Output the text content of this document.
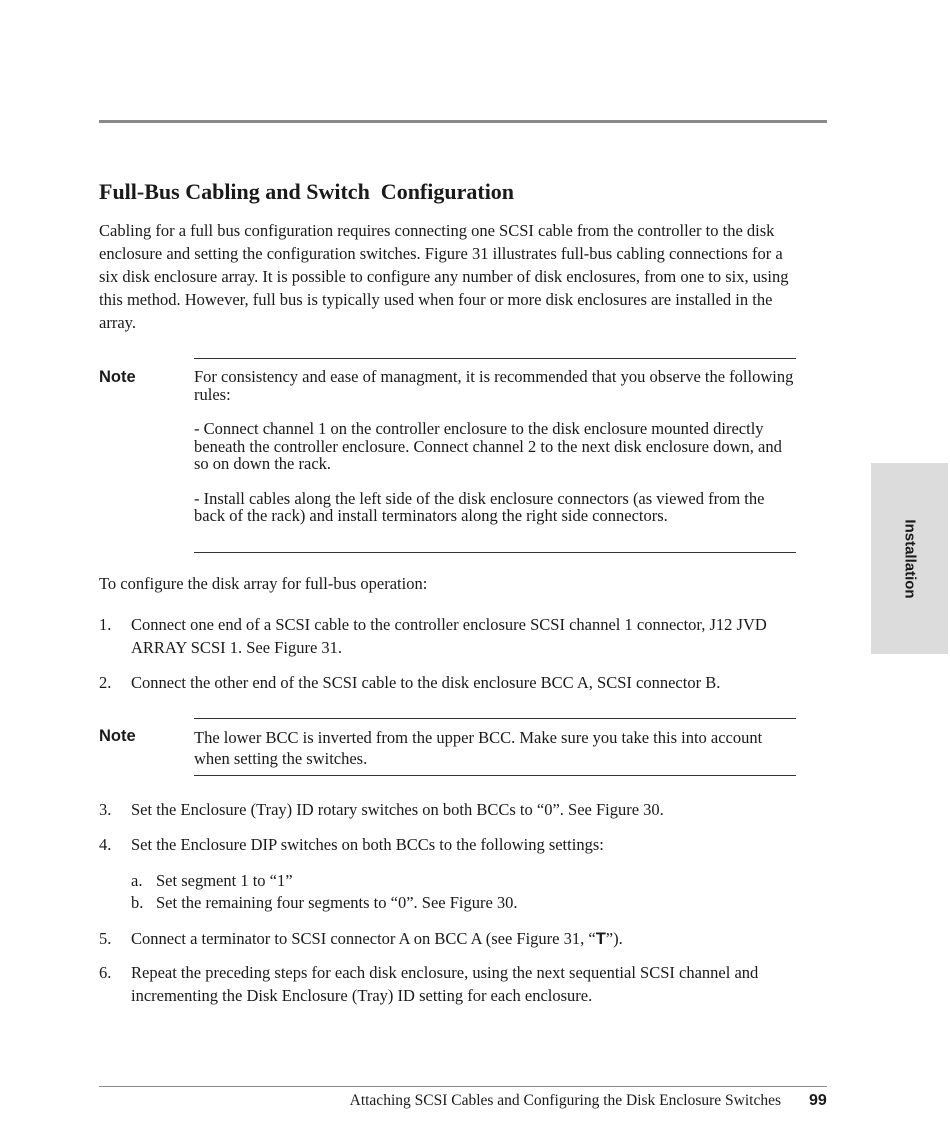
Full-Bus Cabling and Switch  Configuration

Cabling for a full bus configuration requires connecting one SCSI cable from the controller to the disk enclosure and setting the configuration switches. Figure 31 illustrates full-bus cabling connections for a six disk enclosure array. It is possible to configure any number of disk enclosures, from one to six, using this method. However, full bus is typically used when four or more disk enclosures are installed in the array.

Note	For consistency and ease of managment, it is recommended that you observe the following rules:

- Connect channel 1 on the controller enclosure to the disk enclosure mounted directly beneath the controller enclosure. Connect channel 2 to the next disk enclosure down, and so on down the rack.

- Install cables along the left side of the disk enclosure connectors (as viewed from the back of the rack) and install terminators along the right side connectors.

To configure the disk array for full-bus operation:

1. Connect one end of a SCSI cable to the controller enclosure SCSI channel 1 connector, J12 JVD ARRAY SCSI 1. See Figure 31.

2. Connect the other end of the SCSI cable to the disk enclosure BCC A, SCSI connector B.

Note	The lower BCC is inverted from the upper BCC. Make sure you take this into account when setting the switches.

3. Set the Enclosure (Tray) ID rotary switches on both BCCs to “0”. See Figure 30.

4. Set the Enclosure DIP switches on both BCCs to the following settings:

a. Set segment 1 to “1”

b. Set the remaining four segments to “0”. See Figure 30.

5. Connect a terminator to SCSI connector A on BCC A (see Figure 31, “T”).

6. Repeat the preceding steps for each disk enclosure, using the next sequential SCSI channel and incrementing the Disk Enclosure (Tray) ID setting for each enclosure.

Installation
Attaching SCSI Cables and Configuring the Disk Enclosure Switches 99
